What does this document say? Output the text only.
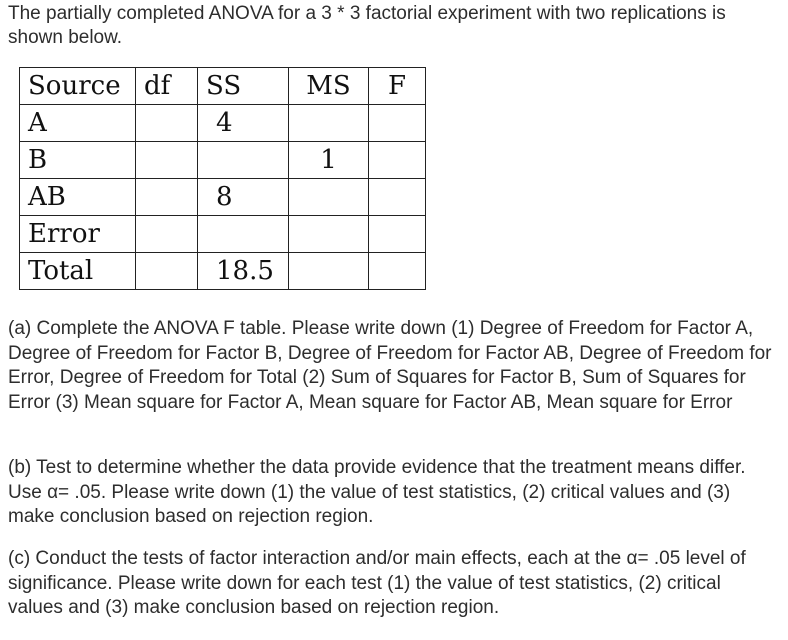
The partially completed ANOVA for a 3 * 3 factorial experiment with two replications is shown below.

Source	df	SS	MS	F
A		4		
B			1	
AB		8		
Error				
Total		18.5		

(a) Complete the ANOVA F table. Please write down (1) Degree of Freedom for Factor A, Degree of Freedom for Factor B, Degree of Freedom for Factor AB, Degree of Freedom for Error, Degree of Freedom for Total (2) Sum of Squares for Factor B, Sum of Squares for Error (3) Mean square for Factor A, Mean square for Factor AB, Mean square for Error

(b) Test to determine whether the data provide evidence that the treatment means differ. Use α= .05. Please write down (1) the value of test statistics, (2) critical values and (3) make conclusion based on rejection region.

(c) Conduct the tests of factor interaction and/or main effects, each at the α= .05 level of significance. Please write down for each test (1) the value of test statistics, (2) critical values and (3) make conclusion based on rejection region.
